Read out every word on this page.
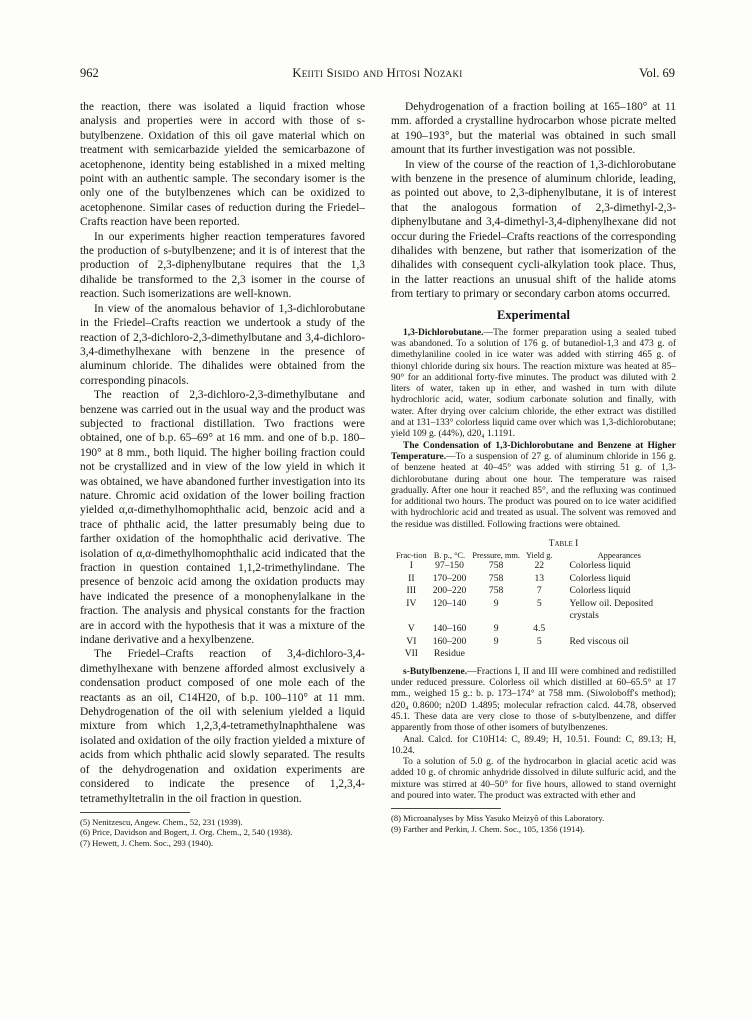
962	Keiiti Sisido and Hitosi Nozaki	Vol. 69

the reaction, there was isolated a liquid fraction whose analysis and properties were in accord with those of s-butylbenzene. Oxidation of this oil gave material which on treatment with semicarbazide yielded the semicarbazone of acetophenone, identity being established in a mixed melting point with an authentic sample. The secondary isomer is the only one of the butylbenzenes which can be oxidized to acetophenone. Similar cases of reduction during the Friedel–Crafts reaction have been reported.

In our experiments higher reaction temperatures favored the production of s-butylbenzene; and it is of interest that the production of 2,3-diphenylbutane requires that the 1,3 dihalide be transformed to the 2,3 isomer in the course of reaction. Such isomerizations are well-known.

In view of the anomalous behavior of 1,3-dichlorobutane in the Friedel–Crafts reaction we undertook a study of the reaction of 2,3-dichloro-2,3-dimethylbutane and 3,4-dichloro-3,4-dimethylhexane with benzene in the presence of aluminum chloride. The dihalides were obtained from the corresponding pinacols.

The reaction of 2,3-dichloro-2,3-dimethylbutane and benzene was carried out in the usual way and the product was subjected to fractional distillation. Two fractions were obtained, one of b.p. 65–69° at 16 mm. and one of b.p. 180–190° at 8 mm., both liquid. The higher boiling fraction could not be crystallized and in view of the low yield in which it was obtained, we have abandoned further investigation into its nature. Chromic acid oxidation of the lower boiling fraction yielded α,α-dimethylhomophthalic acid, benzoic acid and a trace of phthalic acid, the latter presumably being due to farther oxidation of the homophthalic acid derivative. The isolation of α,α-dimethylhomophthalic acid indicated that the fraction in question contained 1,1,2-trimethylindane. The presence of benzoic acid among the oxidation products may have indicated the presence of a monophenylalkane in the fraction. The analysis and physical constants for the fraction are in accord with the hypothesis that it was a mixture of the indane derivative and a hexylbenzene.

The Friedel–Crafts reaction of 3,4-dichloro-3,4-dimethylhexane with benzene afforded almost exclusively a condensation product composed of one mole each of the reactants as an oil, C14H20, of b.p. 100–110° at 11 mm. Dehydrogenation of the oil with selenium yielded a liquid mixture from which 1,2,3,4-tetramethylnaphthalene was isolated and oxidation of the oily fraction yielded a mixture of acids from which phthalic acid slowly separated. The results of the dehydrogenation and oxidation experiments are considered to indicate the presence of 1,2,3,4-tetramethyltetralin in the oil fraction in question.

(5) Nenitzescu, Angew. Chem., 52, 231 (1939).
(6) Price, Davidson and Bogert, J. Org. Chem., 2, 540 (1938).
(7) Hewett, J. Chem. Soc., 293 (1940).

Dehydrogenation of a fraction boiling at 165–180° at 11 mm. afforded a crystalline hydrocarbon whose picrate melted at 190–193°, but the material was obtained in such small amount that its further investigation was not possible.

In view of the course of the reaction of 1,3-dichlorobutane with benzene in the presence of aluminum chloride, leading, as pointed out above, to 2,3-diphenylbutane, it is of interest that the analogous formation of 2,3-dimethyl-2,3-diphenylbutane and 3,4-dimethyl-3,4-diphenylhexane did not occur during the Friedel–Crafts reactions of the corresponding dihalides with benzene, but rather that isomerization of the dihalides with consequent cycli-alkylation took place. Thus, in the latter reactions an unusual shift of the halide atoms from tertiary to primary or secondary carbon atoms occurred.

Experimental

1,3-Dichlorobutane.—The former preparation using a sealed tubed was abandoned. To a solution of 176 g. of butanediol-1,3 and 473 g. of dimethylaniline cooled in ice water was added with stirring 465 g. of thionyl chloride during six hours. The reaction mixture was heated at 85–90° for an additional forty-five minutes. The product was diluted with 2 liters of water, taken up in ether, and washed in turn with dilute hydrochloric acid, water, sodium carbonate solution and finally, with water. After drying over calcium chloride, the ether extract was distilled and at 131–133° colorless liquid came over which was 1,3-dichlorobutane; yield 109 g. (44%), d20₄ 1.1191.

The Condensation of 1,3-Dichlorobutane and Benzene at Higher Temperature.—To a suspension of 27 g. of aluminum chloride in 156 g. of benzene heated at 40–45° was added with stirring 51 g. of 1,3-dichlorobutane during about one hour. The temperature was raised gradually. After one hour it reached 85°, and the refluxing was continued for additional two hours. The product was poured on to ice water acidified with hydrochloric acid and treated as usual. The solvent was removed and the residue was distilled. Following fractions were obtained.

Table I
Frac-tion	B. p., °C.	Pressure, mm.	Yield g.	Appearances
I	97–150	758	22	Colorless liquid
II	170–200	758	13	Colorless liquid
III	200–220	758	7	Colorless liquid
IV	120–140	9	5	Yellow oil. Deposited
				crystals
V	140–160	9	4.5	
VI	160–200	9	5	Red viscous oil
VII	Residue			

s-Butylbenzene.—Fractions I, II and III were combined and redistilled under reduced pressure. Colorless oil which distilled at 60–65.5° at 17 mm., weighed 15 g.: b. p. 173–174° at 758 mm. (Siwoloboff's method); d20₄ 0.8600; n20D 1.4895; molecular refraction calcd. 44.78, observed 45.1. These data are very close to those of s-butylbenzene, and differ apparently from those of other isomers of butylbenzenes.

Anal. Calcd. for C10H14: C, 89.49; H, 10.51. Found: C, 89.13; H, 10.24.

To a solution of 5.0 g. of the hydrocarbon in glacial acetic acid was added 10 g. of chromic anhydride dissolved in dilute sulfuric acid, and the mixture was stirred at 40–50° for five hours, allowed to stand overnight and poured into water. The product was extracted with ether and

(8) Microanalyses by Miss Yasuko Meizyô of this Laboratory.
(9) Farther and Perkin, J. Chem. Soc., 105, 1356 (1914).
